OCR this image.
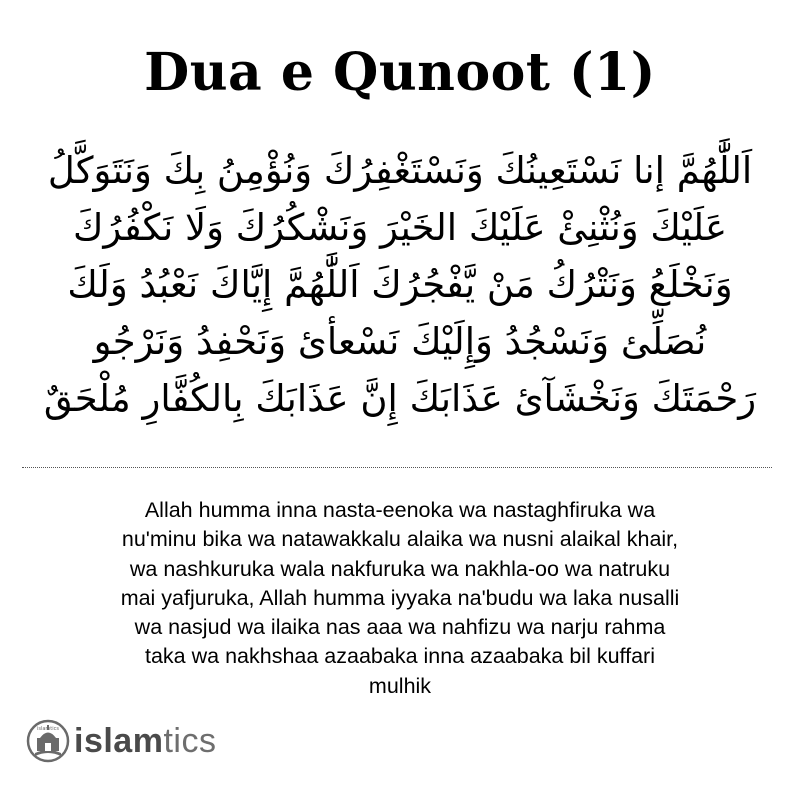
Dua e Qunoot (1)
اَللَّٰهُمَّ إنا نَسْتَعِينُكَ وَنَسْتَغْفِرُكَ وَنُؤْمِنُ بِكَ وَنَتَوَكَّلُ
عَلَيْكَ وَنُثْنِئْ عَلَيْكَ الخَيْرَ وَنَشْكُرُكَ وَلَا نَكْفُرُكَ
وَنَخْلَعُ وَنَتْرُكُ مَنْ يَّفْجُرُكَ اَللَّٰهُمَّ إِيَّاكَ نَعْبُدُ وَلَكَ
نُصَلِّئ وَنَسْجُدُ وَإِلَيْكَ نَسْعأئ وَنَحْفِدُ وَنَرْجُو
رَحْمَتَكَ وَنَخْشَآئ عَذَابَكَ إِنَّ عَذَابَكَ بِالكُفَّارِ مُلْحَقٌ
Allah humma inna nasta-eenoka wa nastaghfiruka wa
nu'minu bika wa natawakkalu alaika wa nusni alaikal khair,
wa nashkuruka wala nakfuruka wa nakhla-oo wa natruku
mai yafjuruka, Allah humma iyyaka na'budu wa laka nusalli
wa nasjud wa ilaika nas aaa wa nahfizu wa narju rahma
taka wa nakhshaa azaabaka inna azaabaka bil kuffari
mulhik
islamtics islamtics
